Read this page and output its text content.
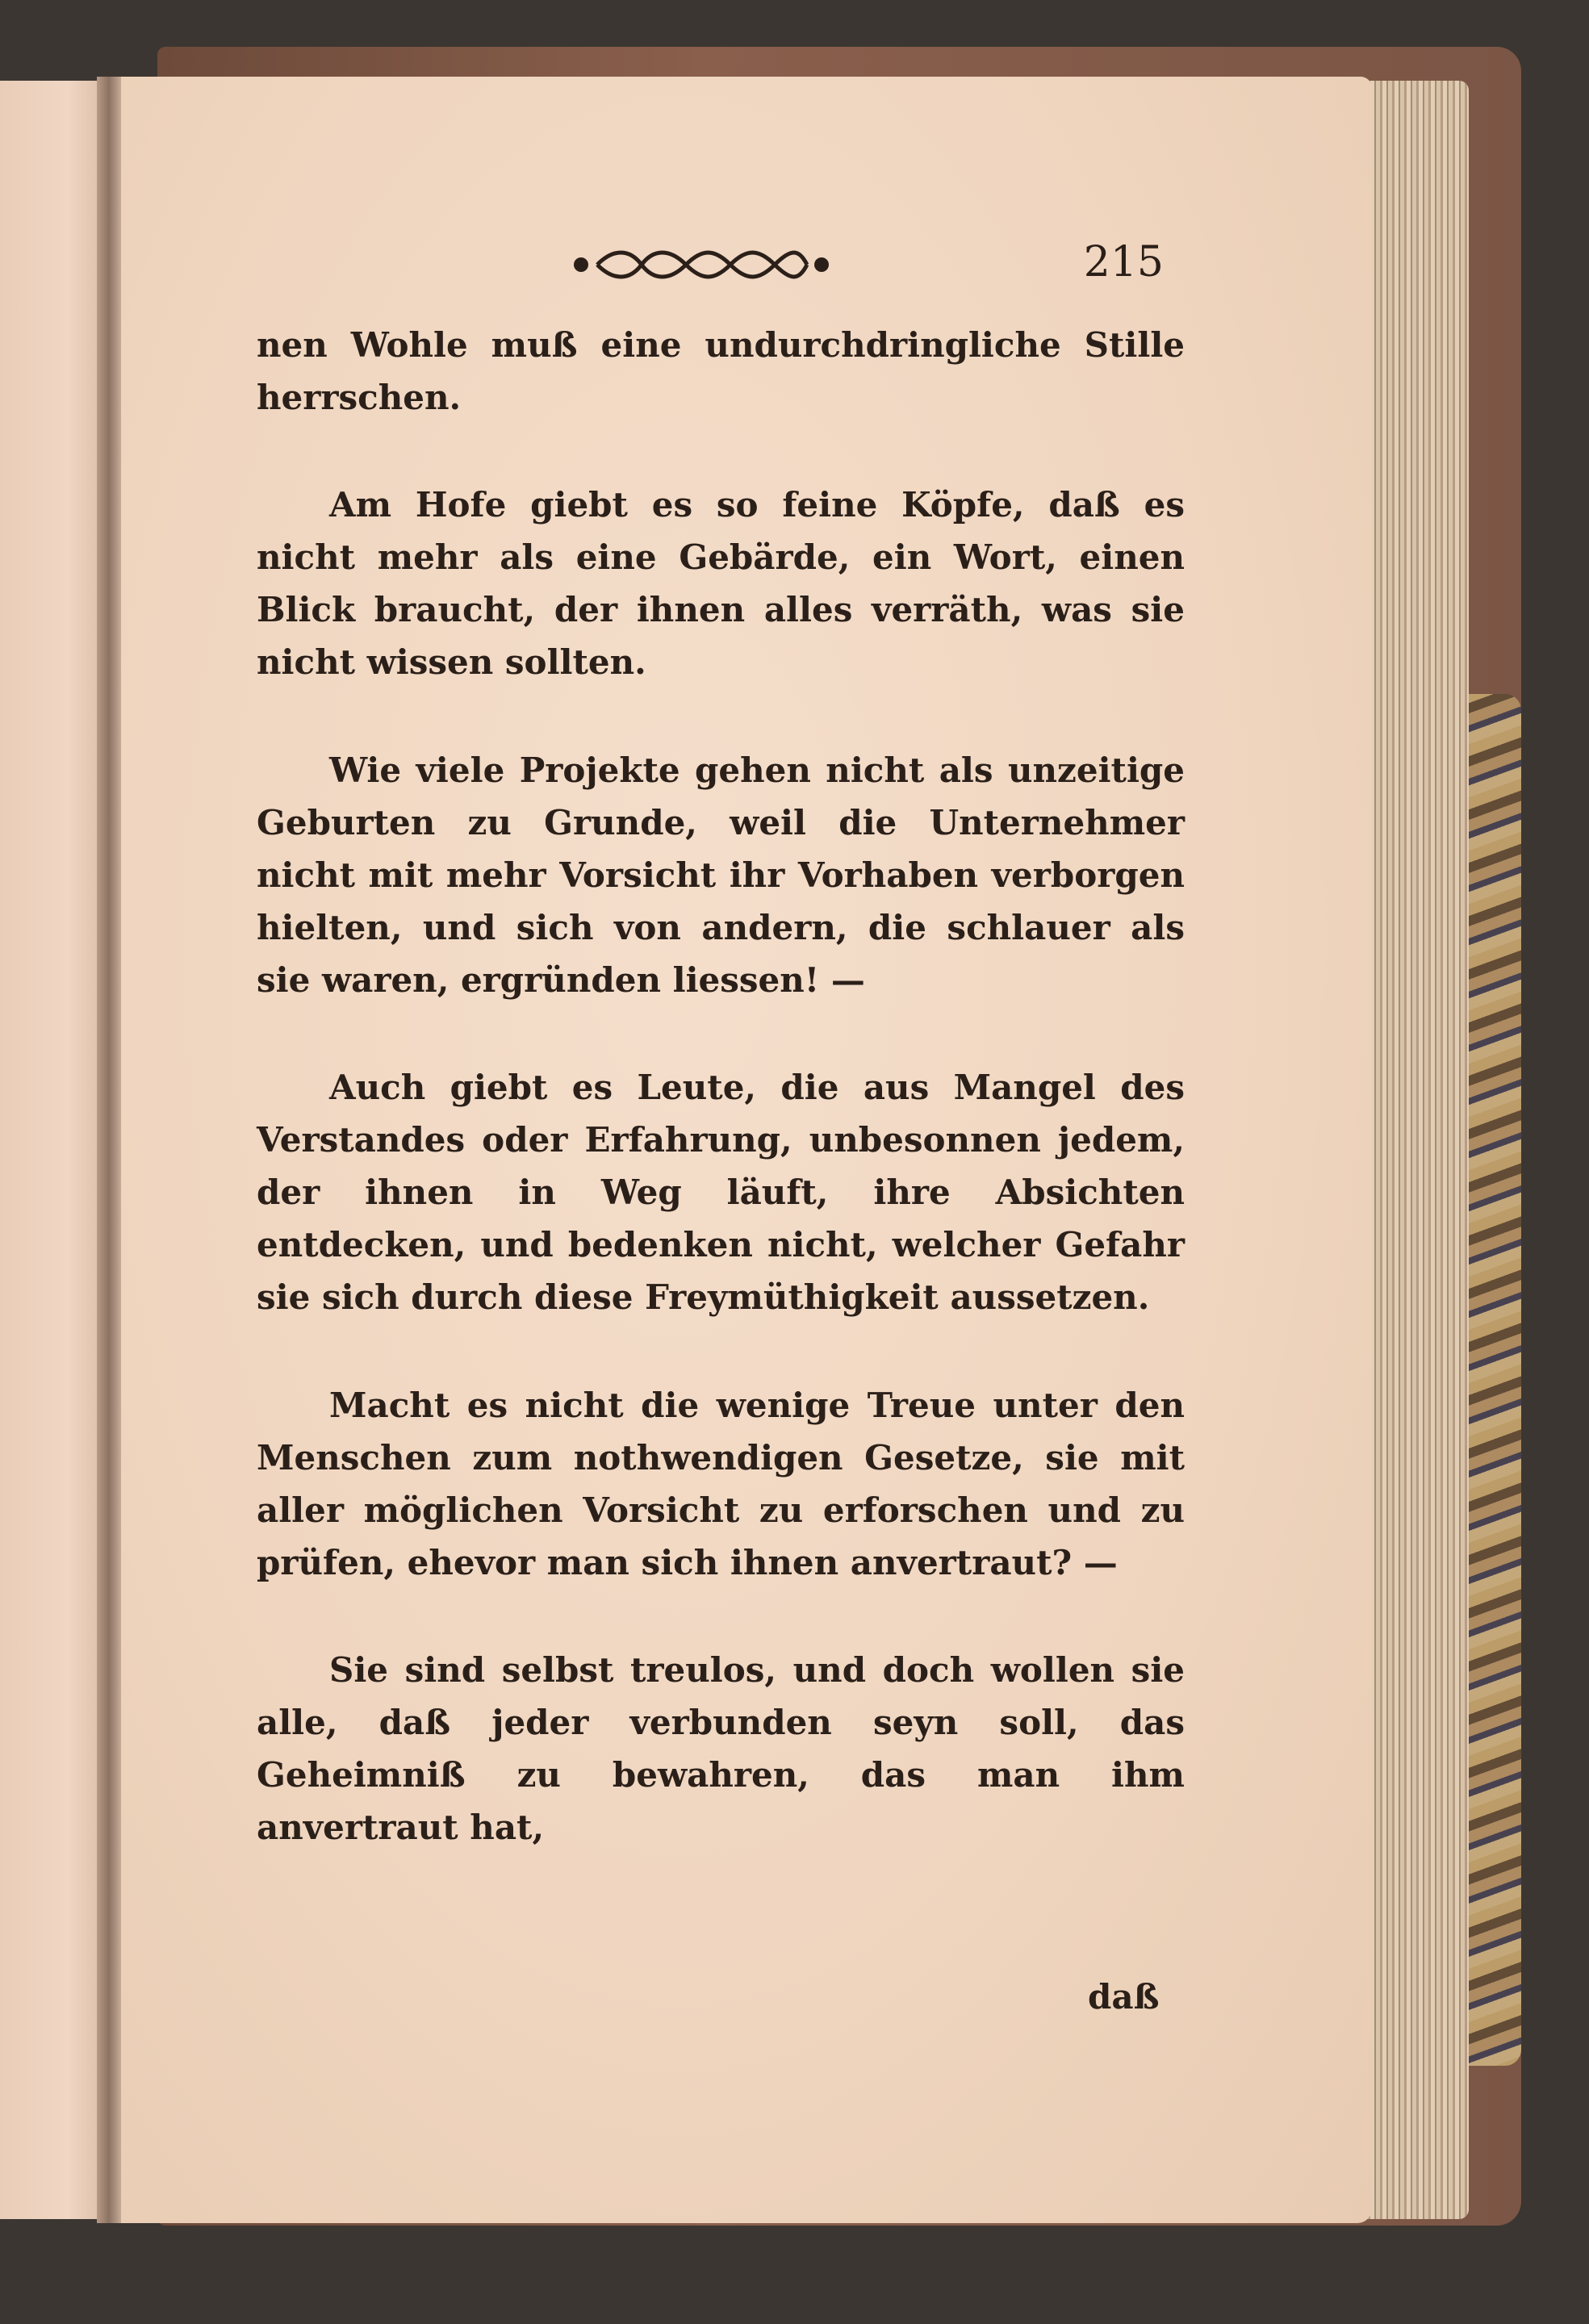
215

nen Wohle muß eine undurchdringliche Stille herrschen.

Am Hofe giebt es so feine Köpfe, daß es nicht mehr als eine Gebärde, ein Wort, einen Blick braucht, der ihnen alles verräth, was sie nicht wissen sollten.

Wie viele Projekte gehen nicht als unzeitige Geburten zu Grunde, weil die Unternehmer nicht mit mehr Vorsicht ihr Vorhaben verborgen hielten, und sich von andern, die schlauer als sie waren, ergründen liessen! —

Auch giebt es Leute, die aus Mangel des Verstandes oder Erfahrung, unbesonnen jedem, der ihnen in Weg läuft, ihre Absichten entdecken, und bedenken nicht, welcher Gefahr sie sich durch diese Freymüthigkeit aussetzen.

Macht es nicht die wenige Treue unter den Menschen zum nothwendigen Gesetze, sie mit aller möglichen Vorsicht zu erforschen und zu prüfen, ehevor man sich ihnen anvertraut? —

Sie sind selbst treulos, und doch wollen sie alle, daß jeder verbunden seyn soll, das Geheimniß zu bewahren, das man ihm anvertraut hat,

daß
